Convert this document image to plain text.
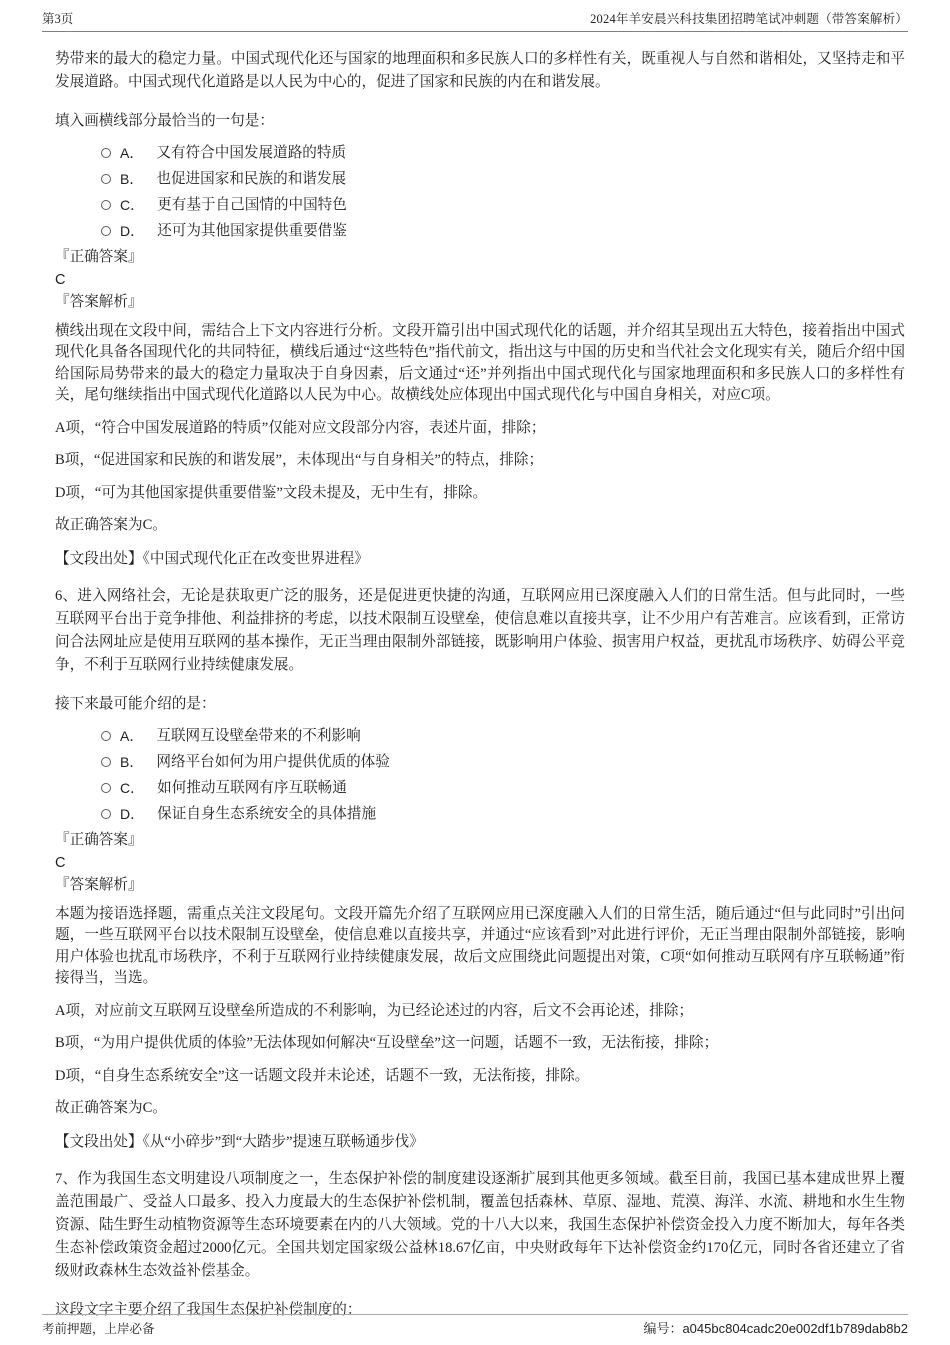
第3页	2024年羊安晨兴科技集团招聘笔试冲刺题（带答案解析）

势带来的最大的稳定力量。中国式现代化还与国家的地理面积和多民族人口的多样性有关，既重视人与自然和谐相处，又坚持走和平发展道路。中国式现代化道路是以人民为中心的，促进了国家和民族的内在和谐发展。

填入画横线部分最恰当的一句是：

A． 又有符合中国发展道路的特质
B． 也促进国家和民族的和谐发展
C． 更有基于自己国情的中国特色
D． 还可为其他国家提供重要借鉴
『正确答案』
C
『答案解析』

横线出现在文段中间，需结合上下文内容进行分析。文段开篇引出中国式现代化的话题，并介绍其呈现出五大特色，接着指出中国式现代化具备各国现代化的共同特征，横线后通过“这些特色”指代前文，指出这与中国的历史和当代社会文化现实有关，随后介绍中国给国际局势带来的最大的稳定力量取决于自身因素，后文通过“还”并列指出中国式现代化与国家地理面积和多民族人口的多样性有关，尾句继续指出中国式现代化道路以人民为中心。故横线处应体现出中国式现代化与中国自身相关，对应C项。

A项，“符合中国发展道路的特质”仅能对应文段部分内容，表述片面，排除；

B项，“促进国家和民族的和谐发展”，未体现出“与自身相关”的特点，排除；

D项，“可为其他国家提供重要借鉴”文段未提及，无中生有，排除。

故正确答案为C。

【文段出处】《中国式现代化正在改变世界进程》

6、进入网络社会，无论是获取更广泛的服务，还是促进更快捷的沟通，互联网应用已深度融入人们的日常生活。但与此同时，一些互联网平台出于竞争排他、利益排挤的考虑，以技术限制互设壁垒，使信息难以直接共享，让不少用户有苦难言。应该看到，正常访问合法网址应是使用互联网的基本操作，无正当理由限制外部链接，既影响用户体验、损害用户权益，更扰乱市场秩序、妨碍公平竞争，不利于互联网行业持续健康发展。

接下来最可能介绍的是：

A． 互联网互设壁垒带来的不利影响
B． 网络平台如何为用户提供优质的体验
C． 如何推动互联网有序互联畅通
D． 保证自身生态系统安全的具体措施
『正确答案』
C
『答案解析』

本题为接语选择题，需重点关注文段尾句。文段开篇先介绍了互联网应用已深度融入人们的日常生活，随后通过“但与此同时”引出问题，一些互联网平台以技术限制互设壁垒，使信息难以直接共享，并通过“应该看到”对此进行评价，无正当理由限制外部链接，影响用户体验也扰乱市场秩序，不利于互联网行业持续健康发展，故后文应围绕此问题提出对策，C项“如何推动互联网有序互联畅通”衔接得当，当选。

A项，对应前文互联网互设壁垒所造成的不利影响，为已经论述过的内容，后文不会再论述，排除；

B项，“为用户提供优质的体验”无法体现如何解决“互设壁垒”这一问题，话题不一致，无法衔接，排除；

D项，“自身生态系统安全”这一话题文段并未论述，话题不一致，无法衔接，排除。

故正确答案为C。

【文段出处】《从“小碎步”到“大踏步”提速互联畅通步伐》

7、作为我国生态文明建设八项制度之一，生态保护补偿的制度建设逐渐扩展到其他更多领域。截至目前，我国已基本建成世界上覆盖范围最广、受益人口最多、投入力度最大的生态保护补偿机制，覆盖包括森林、草原、湿地、荒漠、海洋、水流、耕地和水生生物资源、陆生野生动植物资源等生态环境要素在内的八大领域。党的十八大以来，我国生态保护补偿资金投入力度不断加大，每年各类生态补偿政策资金超过2000亿元。全国共划定国家级公益林18.67亿亩，中央财政每年下达补偿资金约170亿元，同时各省还建立了省级财政森林生态效益补偿基金。

这段文字主要介绍了我国生态保护补偿制度的：

考前押题，上岸必备	编号：a045bc804cadc20e002df1b789dab8b2
